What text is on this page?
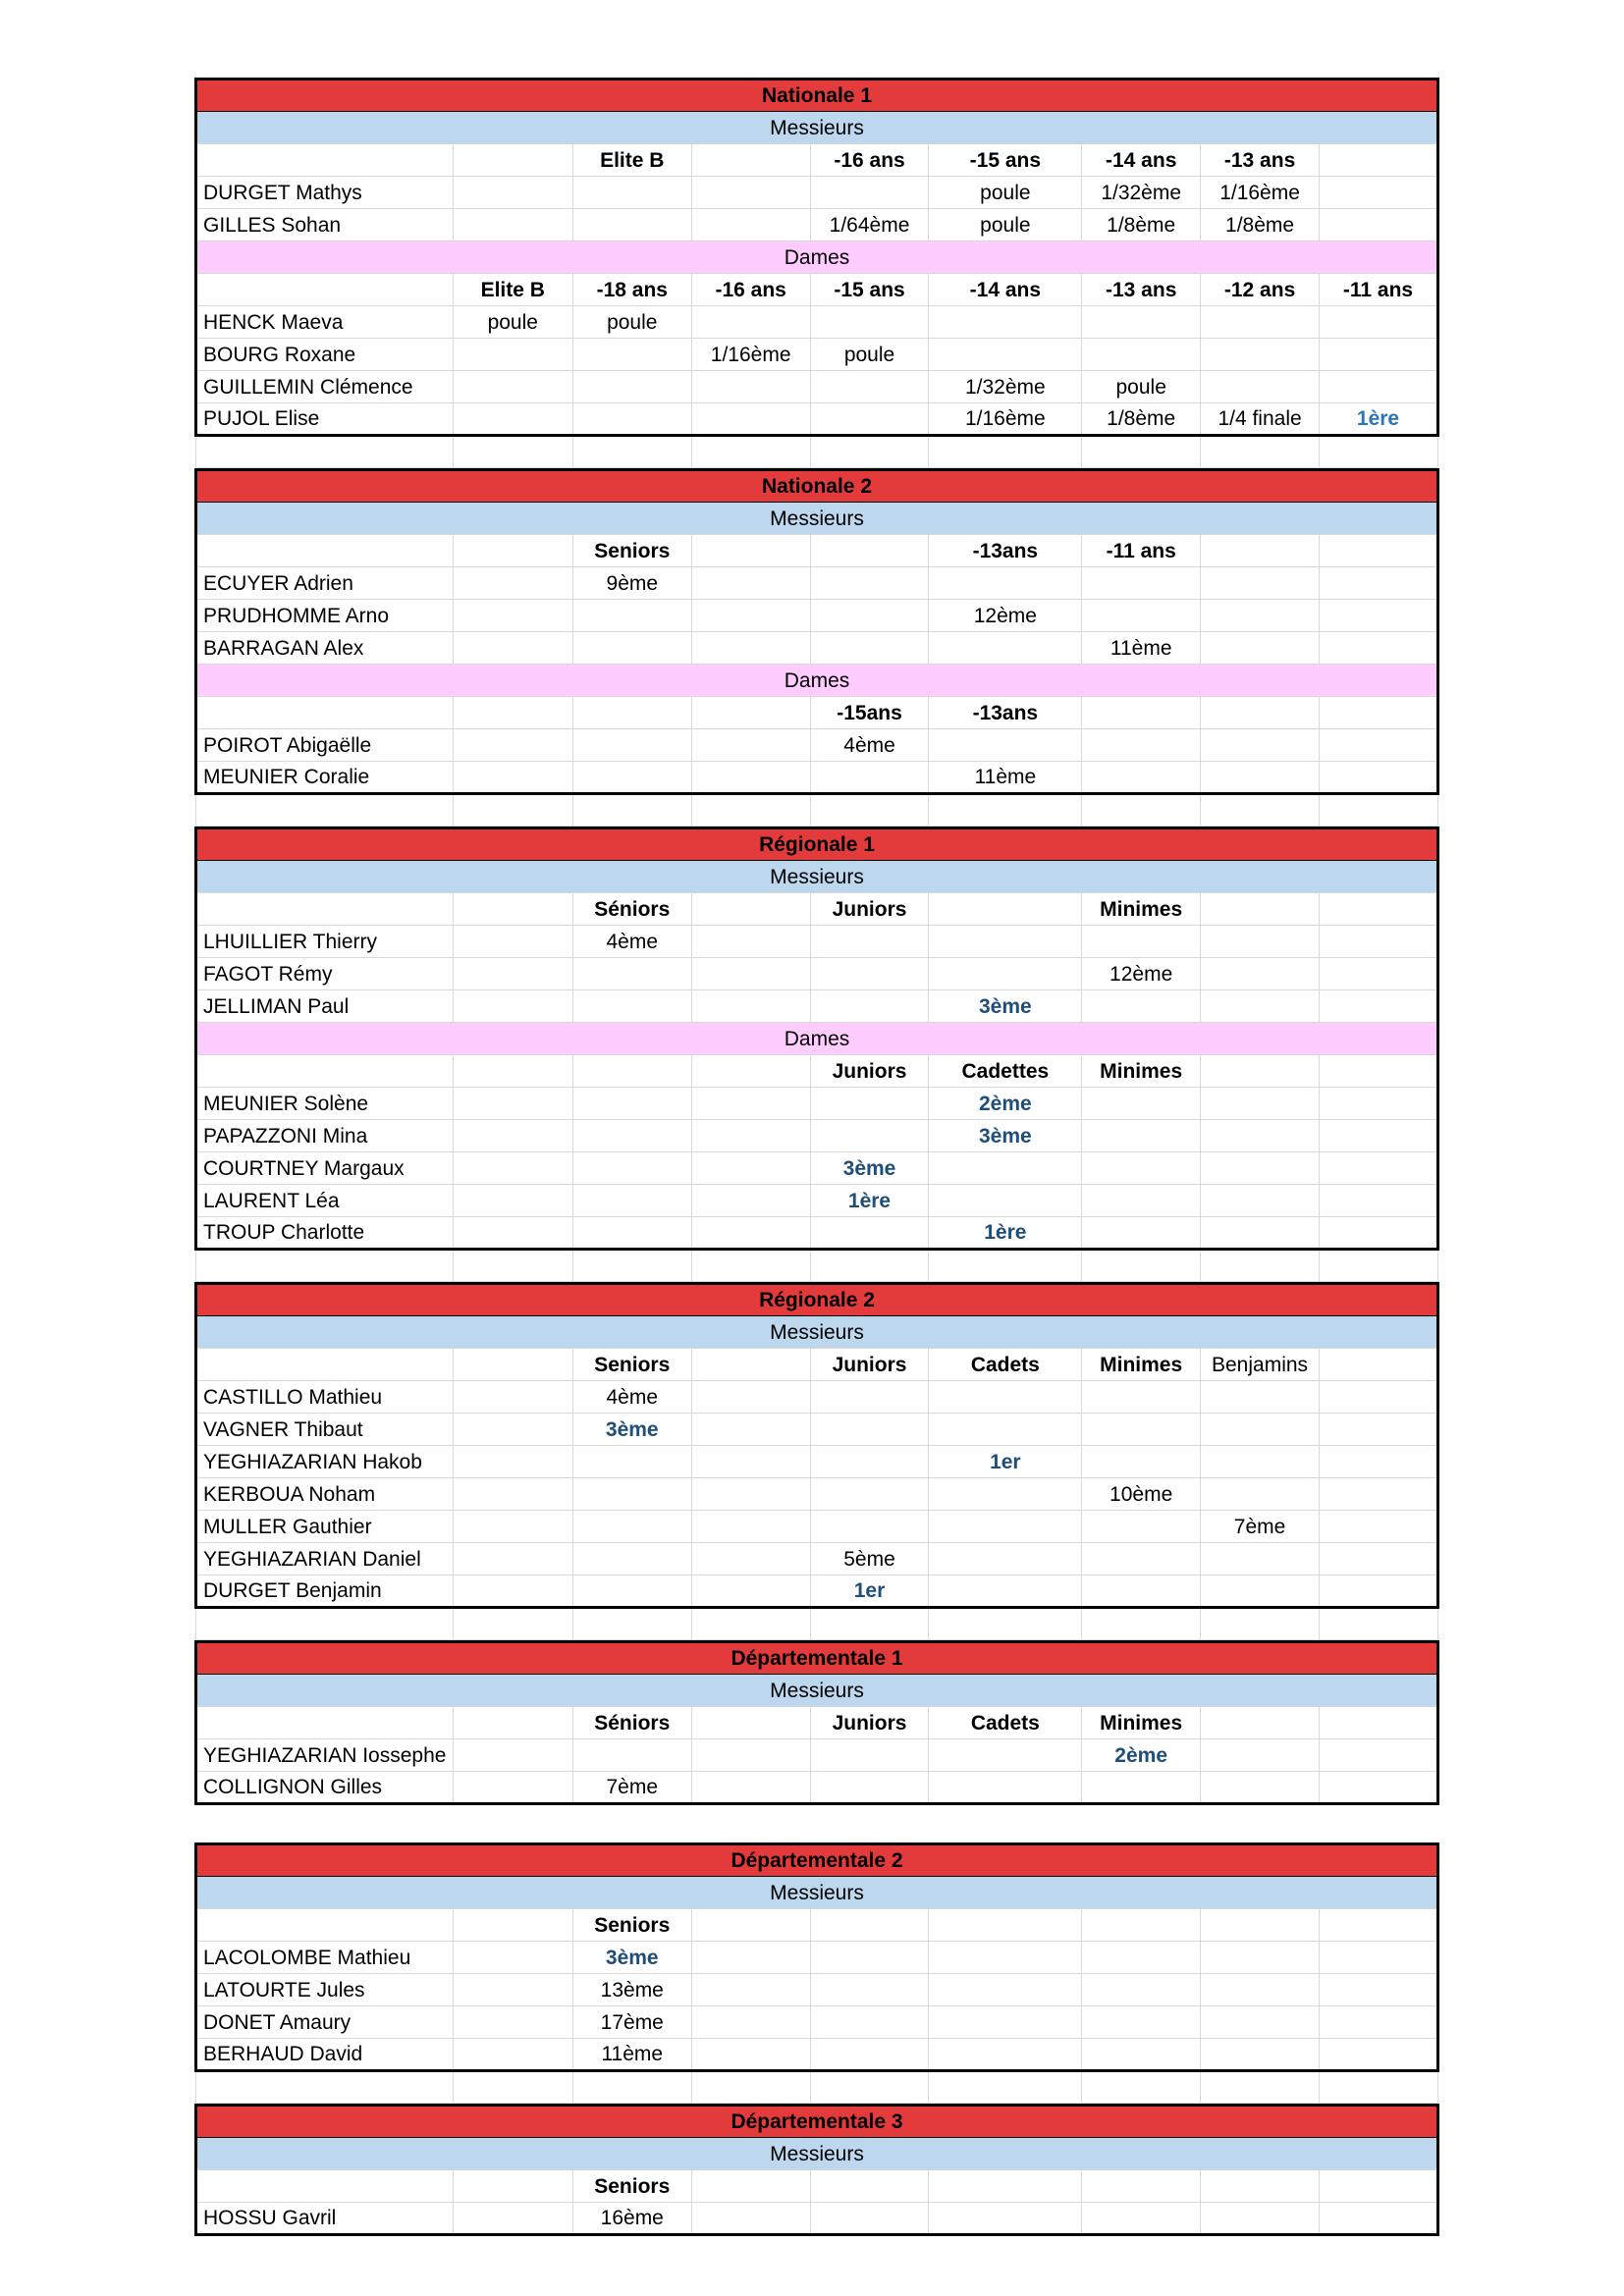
Nationale 1								
Messieurs								
		Elite B		-16 ans	-15 ans	-14 ans	-13 ans	
DURGET Mathys					poule	1/32ème	1/16ème	
GILLES Sohan				1/64ème	poule	1/8ème	1/8ème	
Dames								
	Elite B	-18 ans	-16 ans	-15 ans	-14 ans	-13 ans	-12 ans	-11 ans
HENCK Maeva	poule	poule						
BOURG Roxane			1/16ème	poule				
GUILLEMIN Clémence					1/32ème	poule		
PUJOL Elise					1/16ème	1/8ème	1/4 finale	1ère

Nationale 2								
Messieurs								
		Seniors			-13ans	-11 ans		
ECUYER Adrien		9ème						
PRUDHOMME Arno					12ème			
BARRAGAN Alex						11ème		
Dames								
				-15ans	-13ans			
POIROT Abigaëlle				4ème				
MEUNIER Coralie					11ème			

Régionale 1								
Messieurs								
		Séniors		Juniors		Minimes		
LHUILLIER Thierry		4ème						
FAGOT Rémy						12ème		
JELLIMAN Paul					3ème			
Dames								
				Juniors	Cadettes	Minimes		
MEUNIER Solène					2ème			
PAPAZZONI Mina					3ème			
COURTNEY Margaux				3ème				
LAURENT Léa				1ère				
TROUP Charlotte					1ère			

Régionale 2								
Messieurs								
		Seniors		Juniors	Cadets	Minimes	Benjamins	
CASTILLO Mathieu		4ème						
VAGNER Thibaut		3ème						
YEGHIAZARIAN Hakob					1er			
KERBOUA Noham						10ème		
MULLER Gauthier							7ème	
YEGHIAZARIAN Daniel				5ème				
DURGET Benjamin				1er				

Départementale 1								
Messieurs								
		Séniors		Juniors	Cadets	Minimes		
YEGHIAZARIAN Iossephe						2ème		
COLLIGNON Gilles		7ème						
Départementale 2								
Messieurs								
		Seniors						
LACOLOMBE Mathieu		3ème						
LATOURTE Jules		13ème						
DONET Amaury		17ème						
BERHAUD David		11ème						

Départementale 3								
Messieurs								
		Seniors						
HOSSU Gavril		16ème						
